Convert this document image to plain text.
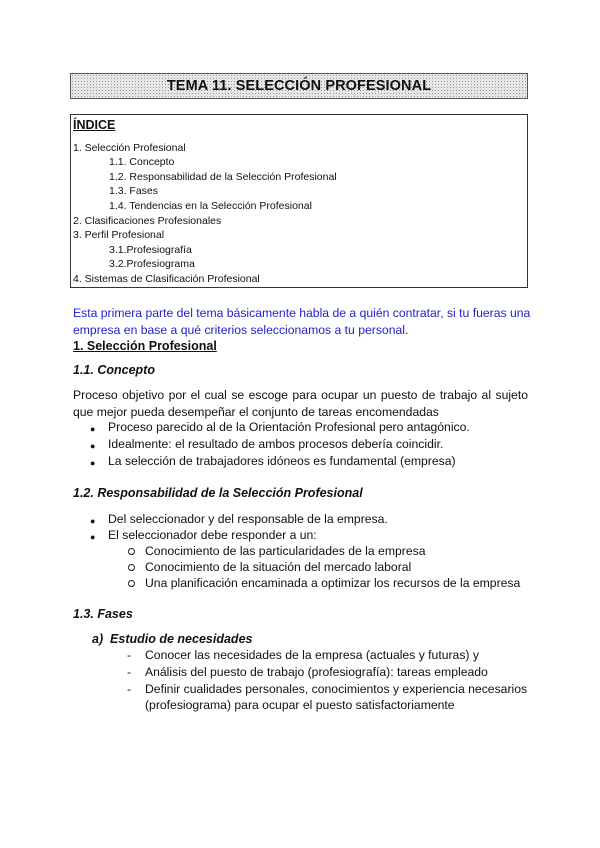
TEMA 11. SELECCIÓN PROFESIONAL
ÍNDICE
1. Selección Profesional
1.1. Concepto
1.2. Responsabilidad de la Selección Profesional
1.3. Fases
1.4. Tendencias en la Selección Profesional
2. Clasificaciones Profesionales
3. Perfil Profesional
3.1.Profesiografía
3.2.Profesiograma
4. Sistemas de Clasificación Profesional
Esta primera parte del tema básicamente habla de a quién contratar, si tu fueras una empresa en base a qué criterios seleccionamos a tu personal.
1. Selección Profesional
1.1. Concepto
Proceso objetivo por el cual se escoge para ocupar un puesto de trabajo al sujeto que mejor pueda desempeñar el conjunto de tareas encomendadas
● Proceso parecido al de la Orientación Profesional pero antagónico.
● Idealmente: el resultado de ambos procesos debería coincidir.
● La selección de trabajadores idóneos es fundamental (empresa)
1.2. Responsabilidad de la Selección Profesional
● Del seleccionador y del responsable de la empresa.
● El seleccionador debe responder a un:
Conocimiento de las particularidades de la empresa
Conocimiento de la situación del mercado laboral
Una planificación encaminada a optimizar los recursos de la empresa
1.3. Fases
a)  Estudio de necesidades
- Conocer las necesidades de la empresa (actuales y futuras) y
- Análisis del puesto de trabajo (profesiografía): tareas empleado
- Definir cualidades personales, conocimientos y experiencia necesarios
(profesiograma) para ocupar el puesto satisfactoriamente
